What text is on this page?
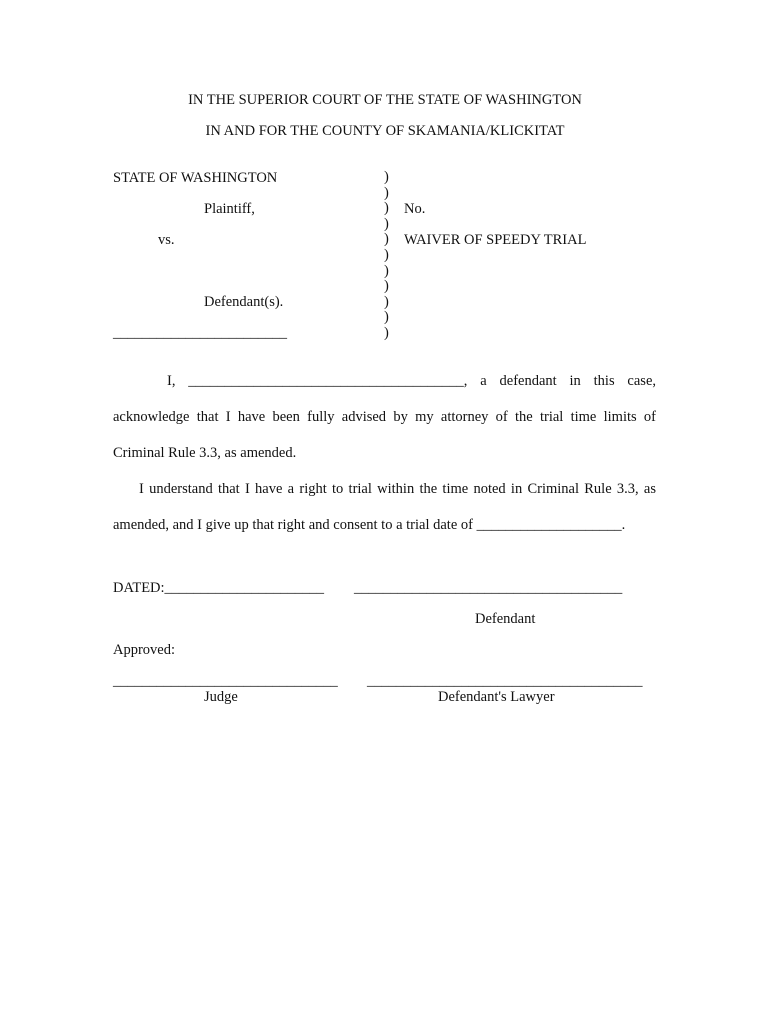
IN THE SUPERIOR COURT OF THE STATE OF WASHINGTON
IN AND FOR THE COUNTY OF SKAMANIA/KLICKITAT
STATE OF WASHINGTON
Plaintiff,
vs.
Defendant(s).
________________________
)
)
)
)
)
)
)
)
)
)
)
No.
WAIVER OF SPEEDY TRIAL
I, ______________________________________, a defendant in this case,
acknowledge that I have been fully advised by my attorney of the trial time limits of
Criminal Rule 3.3, as amended.
I understand that I have a right to trial within the time noted in Criminal Rule 3.3, as
amended, and I give up that right and consent to a trial date of ____________________.
DATED:______________________ _____________________________________
Defendant
Approved:
_______________________________
Judge
______________________________________
Defendant's Lawyer
